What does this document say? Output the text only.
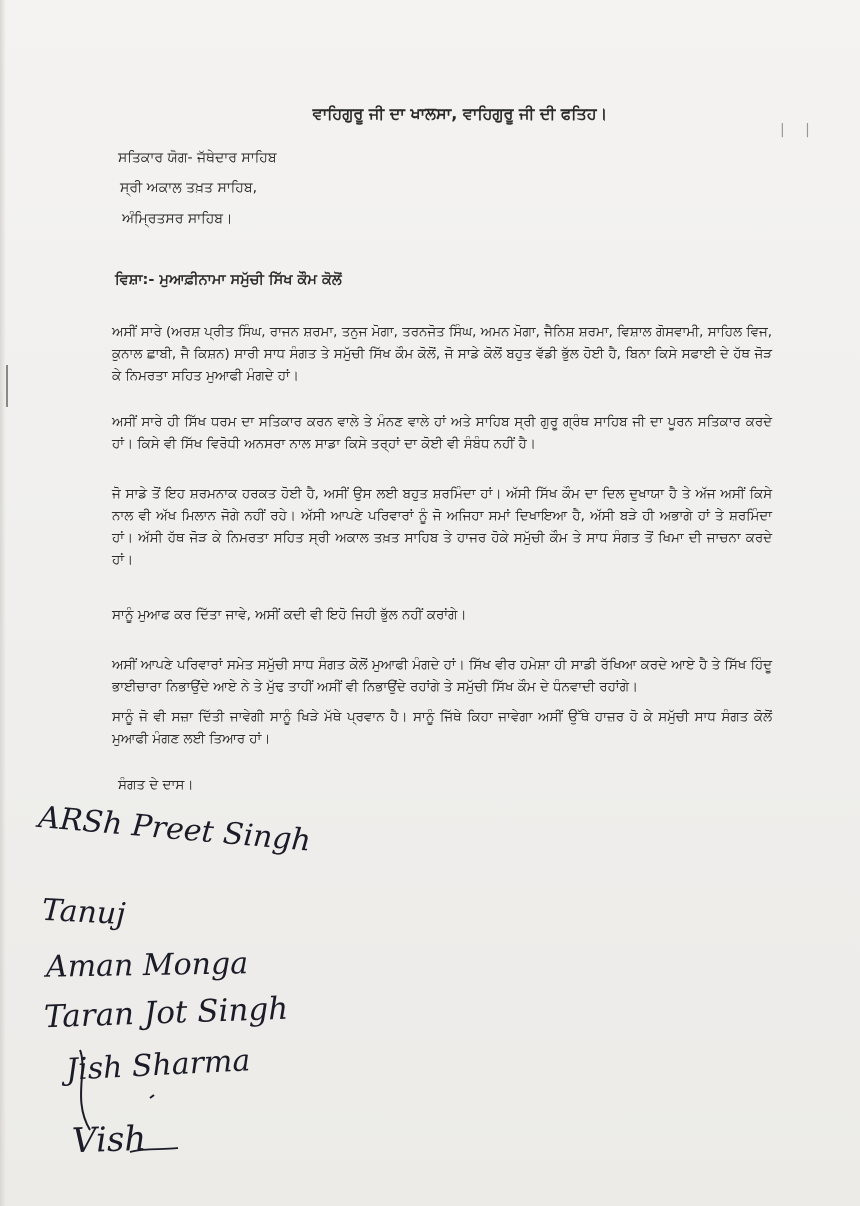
| |
ਵਾਹਿਗੁਰੂ ਜੀ ਦਾ ਖਾਲਸਾ, ਵਾਹਿਗੁਰੂ ਜੀ ਦੀ ਫਤਿਹ।
ਸਤਿਕਾਰ ਯੋਗ- ਜੱਥੇਦਾਰ ਸਾਹਿਬ
ਸ੍ਰੀ ਅਕਾਲ ਤਖ਼ਤ ਸਾਹਿਬ,
ਅੰਮ੍ਰਿਤਸਰ ਸਾਹਿਬ।
ਵਿਸ਼ਾ:- ਮੁਆਫ਼ੀਨਾਮਾ ਸਮੁੱਚੀ ਸਿੱਖ ਕੌਮ ਕੋਲੋਂ
ਅਸੀਂ ਸਾਰੇ (ਅਰਸ਼ ਪ੍ਰੀਤ ਸਿੰਘ, ਰਾਜਨ ਸ਼ਰਮਾ, ਤਨੁਜ ਮੋਗਾ, ਤਰਨਜੋਤ ਸਿੰਘ, ਅਮਨ ਮੋਗਾ, ਜੈਨਿਸ਼ ਸ਼ਰਮਾ, ਵਿਸ਼ਾਲ ਗੋਸਵਾਮੀ, ਸਾਹਿਲ ਵਿਜ, ਕੁਨਾਲ ਛਾਬੀ, ਜੈ ਕਿਸ਼ਨ) ਸਾਰੀ ਸਾਧ ਸੰਗਤ ਤੇ ਸਮੁੱਚੀ ਸਿੱਖ ਕੌਮ ਕੋਲੋਂ, ਜੋ ਸਾਡੇ ਕੋਲੋਂ ਬਹੁਤ ਵੱਡੀ ਭੁੱਲ ਹੋਈ ਹੈ, ਬਿਨਾ ਕਿਸੇ ਸਫਾਈ ਦੇ ਹੱਥ ਜੋੜ ਕੇ ਨਿਮਰਤਾ ਸਹਿਤ ਮੁਆਫੀ ਮੰਗਦੇ ਹਾਂ।
ਅਸੀਂ ਸਾਰੇ ਹੀ ਸਿੱਖ ਧਰਮ ਦਾ ਸਤਿਕਾਰ ਕਰਨ ਵਾਲੇ ਤੇ ਮੰਨਣ ਵਾਲੇ ਹਾਂ ਅਤੇ ਸਾਹਿਬ ਸ੍ਰੀ ਗੁਰੂ ਗ੍ਰੰਥ ਸਾਹਿਬ ਜੀ ਦਾ ਪੂਰਨ ਸਤਿਕਾਰ ਕਰਦੇ ਹਾਂ। ਕਿਸੇ ਵੀ ਸਿੱਖ ਵਿਰੋਧੀ ਅਨਸਰਾ ਨਾਲ ਸਾਡਾ ਕਿਸੇ ਤਰ੍ਹਾਂ ਦਾ ਕੋਈ ਵੀ ਸੰਬੰਧ ਨਹੀਂ ਹੈ।
ਜੋ ਸਾਡੇ ਤੋਂ ਇਹ ਸ਼ਰਮਨਾਕ ਹਰਕਤ ਹੋਈ ਹੈ, ਅਸੀਂ ਉਸ ਲਈ ਬਹੁਤ ਸ਼ਰਮਿੰਦਾ ਹਾਂ। ਅੱਸੀ ਸਿੱਖ ਕੌਮ ਦਾ ਦਿਲ ਦੁਖਾਯਾ ਹੈ ਤੇ ਅੱਜ ਅਸੀਂ ਕਿਸੇ ਨਾਲ ਵੀ ਅੱਖ ਮਿਲਾਨ ਜੋਗੇ ਨਹੀਂ ਰਹੇ। ਅੱਸੀ ਆਪਣੇ ਪਰਿਵਾਰਾਂ ਨੂੰ ਜੋ ਅਜਿਹਾ ਸਮਾਂ ਦਿਖਾਇਆ ਹੈ, ਅੱਸੀ ਬੜੇ ਹੀ ਅਭਾਗੇ ਹਾਂ ਤੇ ਸ਼ਰਮਿੰਦਾ ਹਾਂ। ਅੱਸੀ ਹੱਥ ਜੋੜ ਕੇ ਨਿਮਰਤਾ ਸਹਿਤ ਸ੍ਰੀ ਅਕਾਲ ਤਖ਼ਤ ਸਾਹਿਬ ਤੇ ਹਾਜਰ ਹੋਕੇ ਸਮੁੱਚੀ ਕੌਮ ਤੇ ਸਾਧ ਸੰਗਤ ਤੋਂ ਖਿਮਾ ਦੀ ਜਾਚਨਾ ਕਰਦੇ ਹਾਂ।
ਸਾਨੂੰ ਮੁਆਫ ਕਰ ਦਿੱਤਾ ਜਾਵੇ, ਅਸੀਂ ਕਦੀ ਵੀ ਇਹੋ ਜਿਹੀ ਭੁੱਲ ਨਹੀਂ ਕਰਾਂਗੇ।
ਅਸੀਂ ਆਪਣੇ ਪਰਿਵਾਰਾਂ ਸਮੇਤ ਸਮੁੱਚੀ ਸਾਧ ਸੰਗਤ ਕੋਲੋਂ ਮੁਆਫੀ ਮੰਗਦੇ ਹਾਂ। ਸਿੱਖ ਵੀਰ ਹਮੇਸ਼ਾ ਹੀ ਸਾਡੀ ਰੱਖਿਆ ਕਰਦੇ ਆਏ ਹੈ ਤੇ ਸਿੱਖ ਹਿੰਦੂ ਭਾਈਚਾਰਾ ਨਿਭਾਉਂਦੇ ਆਏ ਨੇ ਤੇ ਮੁੱਢ ਤਾਹੀਂ ਅਸੀਂ ਵੀ ਨਿਭਾਉਂਦੇ ਰਹਾਂਗੇ ਤੇ ਸਮੁੱਚੀ ਸਿੱਖ ਕੌਮ ਦੇ ਧੰਨਵਾਦੀ ਰਹਾਂਗੇ।
ਸਾਨੂੰ ਜੋ ਵੀ ਸਜ਼ਾ ਦਿੱਤੀ ਜਾਵੇਗੀ ਸਾਨੂੰ ਖਿੜੇ ਮੱਥੇ ਪ੍ਰਵਾਨ ਹੈ। ਸਾਨੂੰ ਜਿੱਥੇ ਕਿਹਾ ਜਾਵੇਗਾ ਅਸੀਂ ਉੱਥੇ ਹਾਜ਼ਰ ਹੋ ਕੇ ਸਮੁੱਚੀ ਸਾਧ ਸੰਗਤ ਕੋਲੋਂ ਮੁਆਫੀ ਮੰਗਣ ਲਈ ਤਿਆਰ ਹਾਂ।
ਸੰਗਤ ਦੇ ਦਾਸ।
ARSh Preet Singh
Tanuj
Aman Monga
Taran Jot Singh
Jish Sharma
Vish
